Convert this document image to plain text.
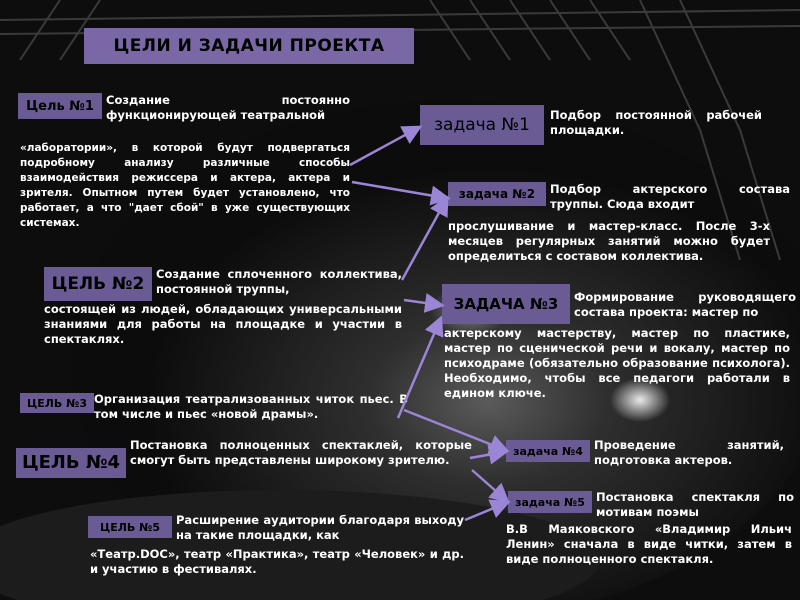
ЦЕЛИ И ЗАДАЧИ ПРОЕКТА
Цель №1	Создание постоянно функционирующей театральной
«лаборатории», в которой будут подвергаться подробному анализу различные способы взаимодействия режиссера и актера, актера и зрителя. Опытном путем будет установлено, что работает, а что "дает сбой" в уже существующих системах.
ЦЕЛЬ №2	Создание сплоченного коллектива, постоянной труппы,
состоящей из людей, обладающих универсальными знаниями для работы на площадке и участии в спектаклях.
ЦЕЛЬ №3 Организация театрализованных читок пьес. В том числе и пьес «новой драмы».
ЦЕЛЬ №4
Постановка полноценных спектаклей, которые смогут быть представлены широкому зрителю.
ЦЕЛЬ №5	Расширение аудитории благодаря выходу на такие площадки, как
«Театр.DOC», театр «Практика», театр «Человек» и др. и участию в фестивалях.
задача №1	Подбор постоянной рабочей площадки.
задача №2	Подбор актерского состава труппы. Сюда входит
прослушивание и мастер-класс. После 3-х месяцев регулярных занятий можно будет определиться с составом коллектива.
ЗАДАЧА №3	Формирование руководящего состава проекта: мастер по
актерскому мастерству, мастер по пластике, мастер по сценической речи и вокалу, мастер по психодраме (обязательно образование психолога). Необходимо, чтобы все педагоги работали в едином ключе.
задача №4 Проведение занятий, подготовка актеров.
задача №5 Постановка спектакля по мотивам поэмы
В.В Маяковского «Владимир Ильич Ленин» сначала в виде читки, затем в виде полноценного спектакля.
